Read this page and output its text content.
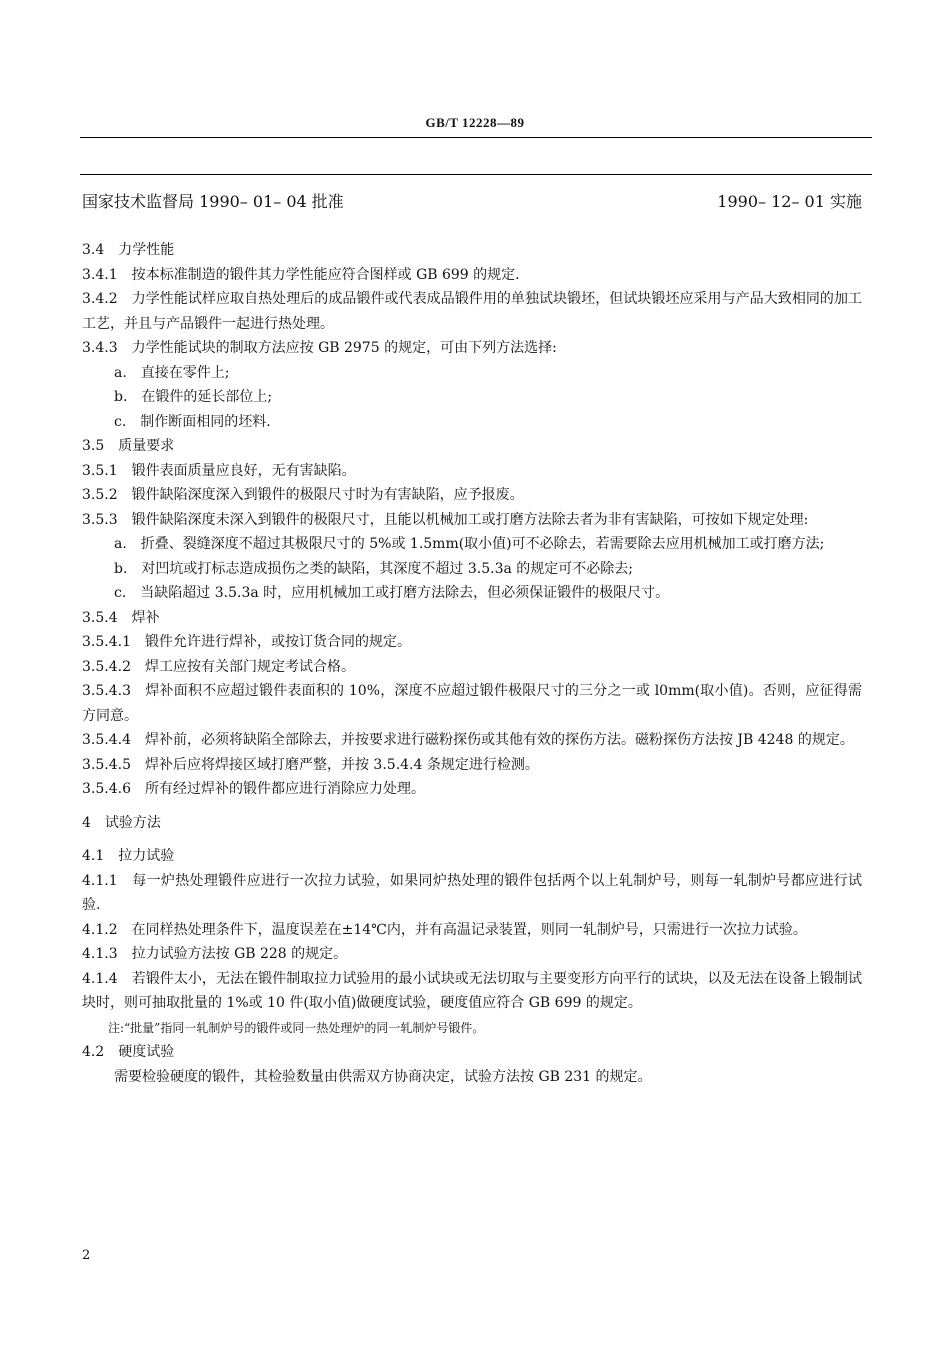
GB/T 12228—89
国家技术监督局 1990– 01– 04 批准	1990– 12– 01 实施

3.4　力学性能

3.4.1　按本标准制造的锻件其力学性能应符合图样或 GB 699 的规定.

3.4.2　力学性能试样应取自热处理后的成品锻件或代表成品锻件用的单独试块锻坯，但试块锻坯应采用与产品大致相同的加工工艺，并且与产品锻件一起进行热处理。

3.4.3　力学性能试块的制取方法应按 GB 2975 的规定，可由下列方法选择:

a.　直接在零件上;

b.　在锻件的延长部位上;

c.　制作断面相同的坯料.

3.5　质量要求

3.5.1　锻件表面质量应良好，无有害缺陷。

3.5.2　锻件缺陷深度深入到锻件的极限尺寸时为有害缺陷，应予报废。

3.5.3　锻件缺陷深度未深入到锻件的极限尺寸，且能以机械加工或打磨方法除去者为非有害缺陷，可按如下规定处理:

a.　折叠、裂缝深度不超过其极限尺寸的 5%或 1.5mm(取小值)可不必除去，若需要除去应用机械加工或打磨方法;

b.　对凹坑或打标志造成损伤之类的缺陷，其深度不超过 3.5.3a 的规定可不必除去;

c.　当缺陷超过 3.5.3a 时，应用机械加工或打磨方法除去，但必须保证锻件的极限尺寸。

3.5.4　焊补

3.5.4.1　锻件允许进行焊补，或按订货合同的规定。

3.5.4.2　焊工应按有关部门规定考试合格。

3.5.4.3　焊补面积不应超过锻件表面积的 10%，深度不应超过锻件极限尺寸的三分之一或 l0mm(取小值)。否则，应征得需方同意。

3.5.4.4　焊补前，必须将缺陷全部除去，并按要求进行磁粉探伤或其他有效的探伤方法。磁粉探伤方法按 JB 4248 的规定。

3.5.4.5　焊补后应将焊接区域打磨严整，并按 3.5.4.4 条规定进行检测。

3.5.4.6　所有经过焊补的锻件都应进行消除应力处理。

4　试验方法

4.1　拉力试验

4.1.1　每一炉热处理锻件应进行一次拉力试验，如果同炉热处理的锻件包括两个以上轧制炉号，则每一轧制炉号都应进行试验.

4.1.2　在同样热处理条件下，温度误差在±14℃内，并有高温记录装置，则同一轧制炉号，只需进行一次拉力试验。

4.1.3　拉力试验方法按 GB 228 的规定。

4.1.4　若锻件太小，无法在锻件制取拉力试验用的最小试块或无法切取与主要变形方向平行的试块，以及无法在设备上锻制试块时，则可抽取批量的 1%或 10 件(取小值)做硬度试验，硬度值应符合 GB 699 的规定。

注:“批量”指同一轧制炉号的锻件或同一热处理炉的同一轧制炉号锻件。

4.2　硬度试验

需要检验硬度的锻件，其检验数量由供需双方协商决定，试验方法按 GB 231 的规定。

2
